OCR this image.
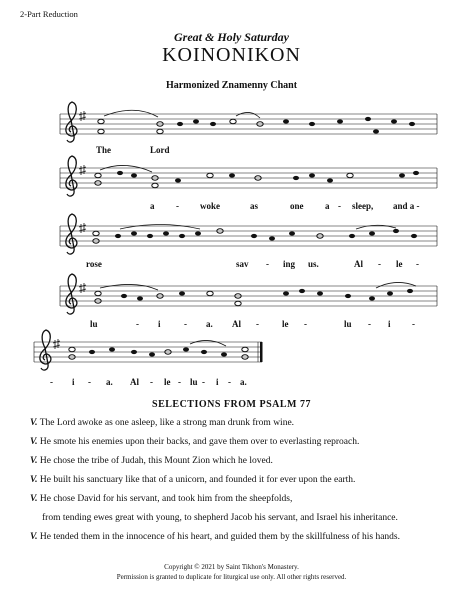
2-Part Reduction
Great & Holy Saturday
KOINONIKON
Harmonized Znamenny Chant
The	Lord
a - woke	as	one a - sleep, and a -
rose	sav - ing us.	Al - le -
lu	- i	- a. Al -	le -	lu - i -
- i - a. Al - le - lu - i - a.
SELECTIONS FROM PSALM 77
V. The Lord awoke as one asleep, like a strong man drunk from wine.
V. He smote his enemies upon their backs, and gave them over to everlasting reproach.
V. He chose the tribe of Judah, this Mount Zion which he loved.
V. He built his sanctuary like that of a unicorn, and founded it for ever upon the earth.
V. He chose David for his servant, and took him from the sheepfolds,
from tending ewes great with young, to shepherd Jacob his servant, and Israel his inheritance.
V. He tended them in the innocence of his heart, and guided them by the skillfulness of his hands.
Copyright © 2021 by Saint Tikhon's Monastery.
Permission is granted to duplicate for liturgical use only. All other rights reserved.
